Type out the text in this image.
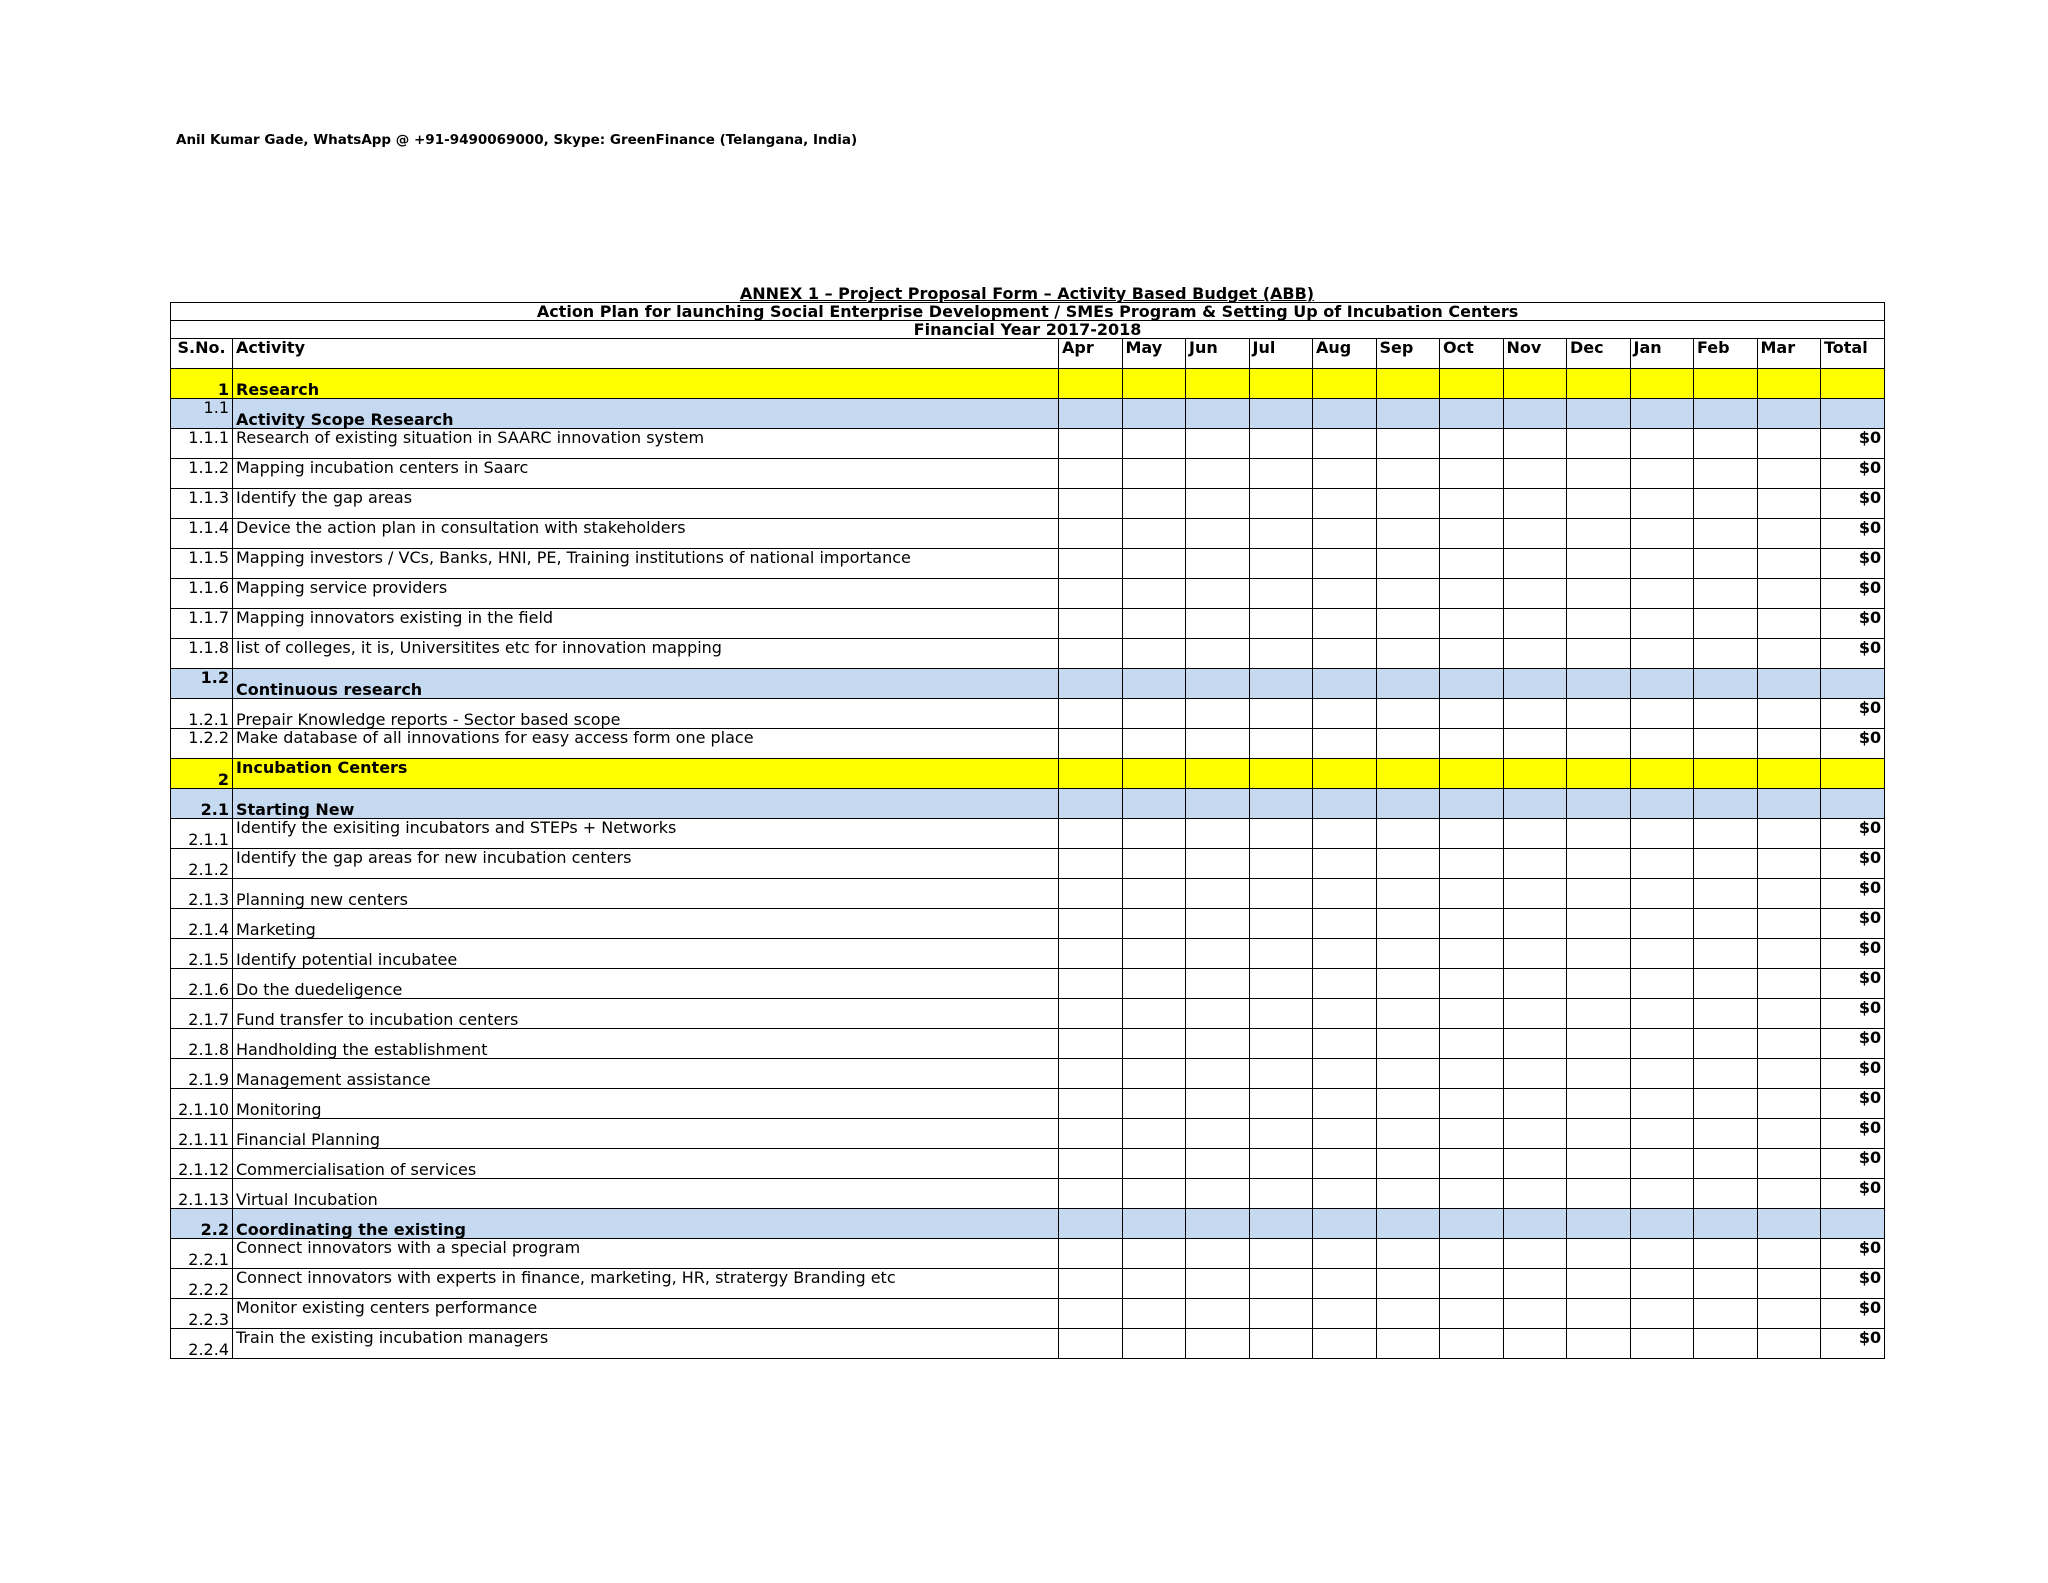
Anil Kumar Gade, WhatsApp @ +91-9490069000, Skype: GreenFinance (Telangana, India)
ANNEX 1 – Project Proposal Form – Activity Based Budget (ABB)
Action Plan for launching Social Enterprise Development / SMEs Program & Setting Up of Incubation Centers														
Financial Year 2017-2018														
S.No.	Activity	Apr	May	Jun	Jul	Aug	Sep	Oct	Nov	Dec	Jan	Feb	Mar	Total
1	Research													
1.1	Activity Scope Research													
1.1.1	Research of existing situation in SAARC innovation system													$0
1.1.2	Mapping incubation centers in Saarc													$0
1.1.3	Identify the gap areas													$0
1.1.4	Device the action plan in consultation with stakeholders													$0
1.1.5	Mapping investors / VCs, Banks, HNI, PE, Training institutions of national importance													$0
1.1.6	Mapping service providers													$0
1.1.7	Mapping innovators existing in the field													$0
1.1.8	list of colleges, it is, Universitites etc for innovation mapping													$0
1.2	Continuous research													
1.2.1	Prepair Knowledge reports - Sector based scope													$0
1.2.2	Make database of all innovations for easy access form one place													$0
2	Incubation Centers													
2.1	Starting New													
2.1.1	Identify the exisiting incubators and STEPs + Networks													$0
2.1.2	Identify the gap areas for new incubation centers													$0
2.1.3	Planning new centers													$0
2.1.4	Marketing													$0
2.1.5	Identify potential incubatee													$0
2.1.6	Do the duedeligence													$0
2.1.7	Fund transfer to incubation centers													$0
2.1.8	Handholding the establishment													$0
2.1.9	Management assistance													$0
2.1.10	Monitoring													$0
2.1.11	Financial Planning													$0
2.1.12	Commercialisation of services													$0
2.1.13	Virtual Incubation													$0
2.2	Coordinating the existing													
2.2.1	Connect innovators with a special program													$0
2.2.2	Connect innovators with experts in finance, marketing, HR, stratergy Branding etc													$0
2.2.3	Monitor existing centers performance													$0
2.2.4	Train the existing incubation managers													$0
